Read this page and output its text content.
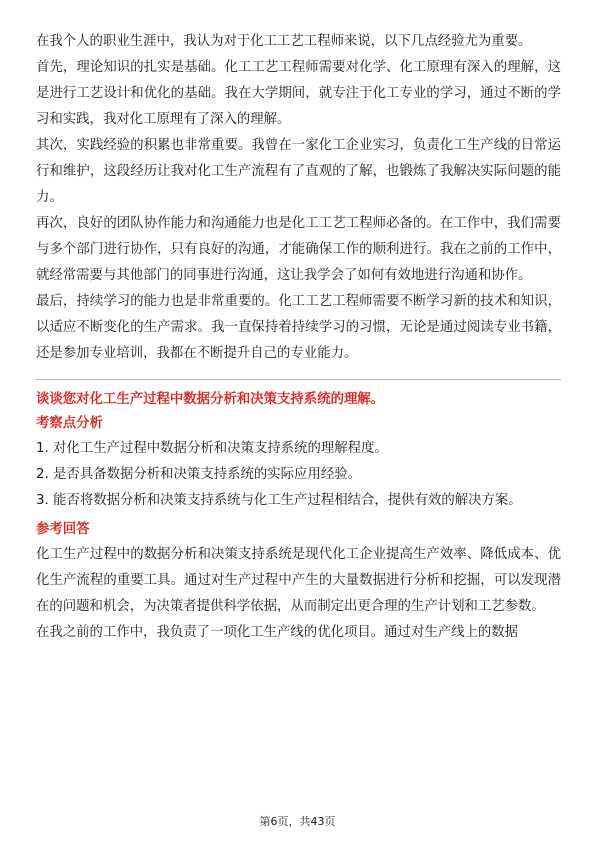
在我个人的职业生涯中，我认为对于化工工艺工程师来说，以下几点经验尤为重要。

首先，理论知识的扎实是基础。化工工艺工程师需要对化学、化工原理有深入的理解，这是进行工艺设计和优化的基础。我在大学期间，就专注于化工专业的学习，通过不断的学习和实践，我对化工原理有了深入的理解。

其次，实践经验的积累也非常重要。我曾在一家化工企业实习，负责化工生产线的日常运行和维护，这段经历让我对化工生产流程有了直观的了解，也锻炼了我解决实际问题的能力。

再次，良好的团队协作能力和沟通能力也是化工工艺工程师必备的。在工作中，我们需要与多个部门进行协作，只有良好的沟通，才能确保工作的顺利进行。我在之前的工作中，就经常需要与其他部门的同事进行沟通，这让我学会了如何有效地进行沟通和协作。

最后，持续学习的能力也是非常重要的。化工工艺工程师需要不断学习新的技术和知识，以适应不断变化的生产需求。我一直保持着持续学习的习惯，无论是通过阅读专业书籍，还是参加专业培训，我都在不断提升自己的专业能力。

谈谈您对化工生产过程中数据分析和决策支持系统的理解。

考察点分析

1. 对化工生产过程中数据分析和决策支持系统的理解程度。

2. 是否具备数据分析和决策支持系统的实际应用经验。

3. 能否将数据分析和决策支持系统与化工生产过程相结合，提供有效的解决方案。

参考回答

化工生产过程中的数据分析和决策支持系统是现代化工企业提高生产效率、降低成本、优化生产流程的重要工具。通过对生产过程中产生的大量数据进行分析和挖掘，可以发现潜在的问题和机会，为决策者提供科学依据，从而制定出更合理的生产计划和工艺参数。

在我之前的工作中，我负责了一项化工生产线的优化项目。通过对生产线上的数据

第6页，共43页
